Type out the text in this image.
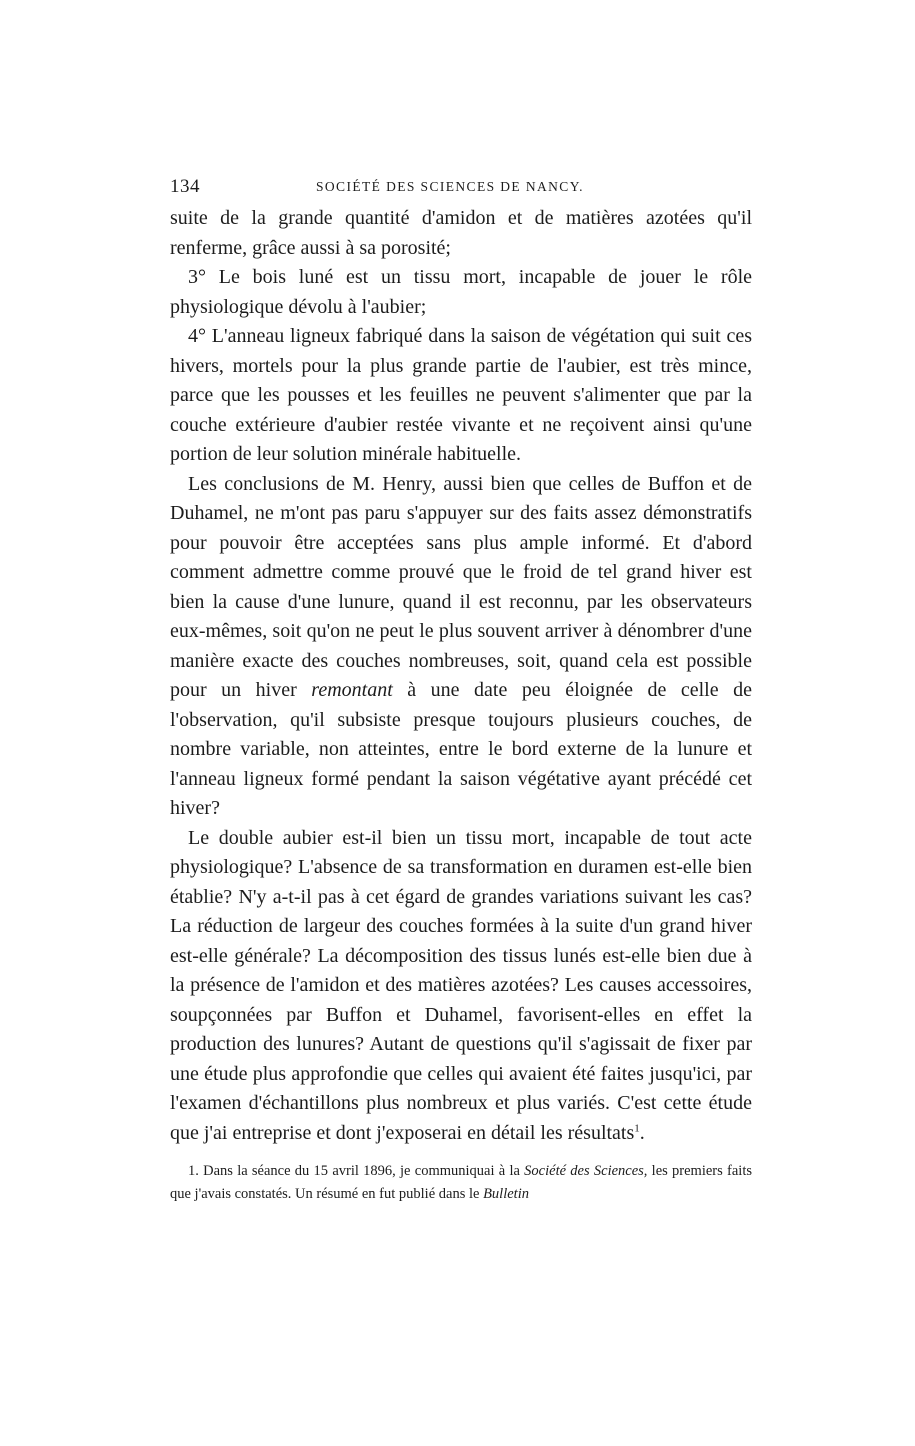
134	SOCIÉTÉ DES SCIENCES DE NANCY.

suite de la grande quantité d'amidon et de matières azotées qu'il renferme, grâce aussi à sa porosité;

3° Le bois luné est un tissu mort, incapable de jouer le rôle physiologique dévolu à l'aubier;

4° L'anneau ligneux fabriqué dans la saison de végétation qui suit ces hivers, mortels pour la plus grande partie de l'aubier, est très mince, parce que les pousses et les feuilles ne peuvent s'alimenter que par la couche extérieure d'aubier restée vivante et ne reçoivent ainsi qu'une portion de leur solution minérale habituelle.

Les conclusions de M. Henry, aussi bien que celles de Buffon et de Duhamel, ne m'ont pas paru s'appuyer sur des faits assez démonstratifs pour pouvoir être acceptées sans plus ample informé. Et d'abord comment admettre comme prouvé que le froid de tel grand hiver est bien la cause d'une lunure, quand il est reconnu, par les observateurs eux-mêmes, soit qu'on ne peut le plus souvent arriver à dénombrer d'une manière exacte des couches nombreuses, soit, quand cela est possible pour un hiver remontant à une date peu éloignée de celle de l'observation, qu'il subsiste presque toujours plusieurs couches, de nombre variable, non atteintes, entre le bord externe de la lunure et l'anneau ligneux formé pendant la saison végétative ayant précédé cet hiver?

Le double aubier est-il bien un tissu mort, incapable de tout acte physiologique? L'absence de sa transformation en duramen est-elle bien établie? N'y a-t-il pas à cet égard de grandes variations suivant les cas? La réduction de largeur des couches formées à la suite d'un grand hiver est-elle générale? La décomposition des tissus lunés est-elle bien due à la présence de l'amidon et des matières azotées? Les causes accessoires, soupçonnées par Buffon et Duhamel, favorisent-elles en effet la production des lunures? Autant de questions qu'il s'agissait de fixer par une étude plus approfondie que celles qui avaient été faites jusqu'ici, par l'examen d'échantillons plus nombreux et plus variés. C'est cette étude que j'ai entreprise et dont j'exposerai en détail les résultats$^1$.

1. Dans la séance du 15 avril 1896, je communiquai à la Société des Sciences, les premiers faits que j'avais constatés. Un résumé en fut publié dans le Bulletin
